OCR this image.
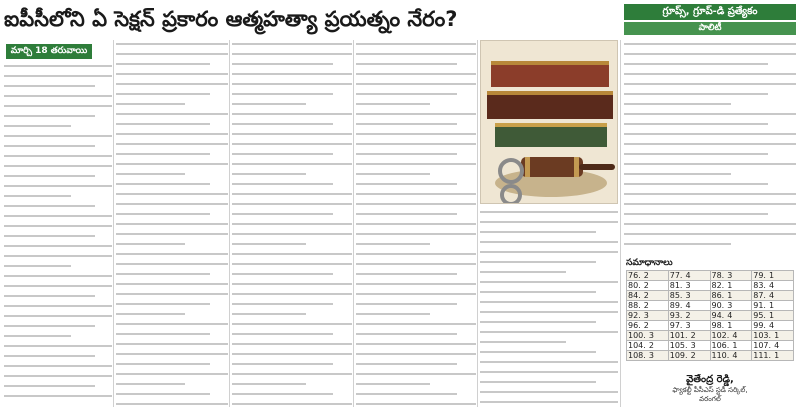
ఐపీసీలోని ఏ సెక్షన్ ప్రకారం ఆత్మహత్యా ప్రయత్నం నేరం?	గ్రూప్స్, గ్రూప్-డి ప్రత్యేకం
పాలిటీ
మార్చి 18 తరువాయి
సమాధానాలు
76. 2	77. 4	78. 3	79. 1
80. 2	81. 3	82. 1	83. 4
84. 2	85. 3	86. 1	87. 4
88. 2	89. 4	90. 3	91. 1
92. 3	93. 2	94. 4	95. 1
96. 2	97. 3	98. 1	99. 4
100. 3	101. 2	102. 4	103. 1
104. 2	105. 3	106. 1	107. 4
108. 3	109. 2	110. 4	111. 1
వైతేంద్ర రెడ్డి,
ఫ్యాకల్టీ పీసీఎస్ స్టడీ సర్కిల్,
వరంగల్
